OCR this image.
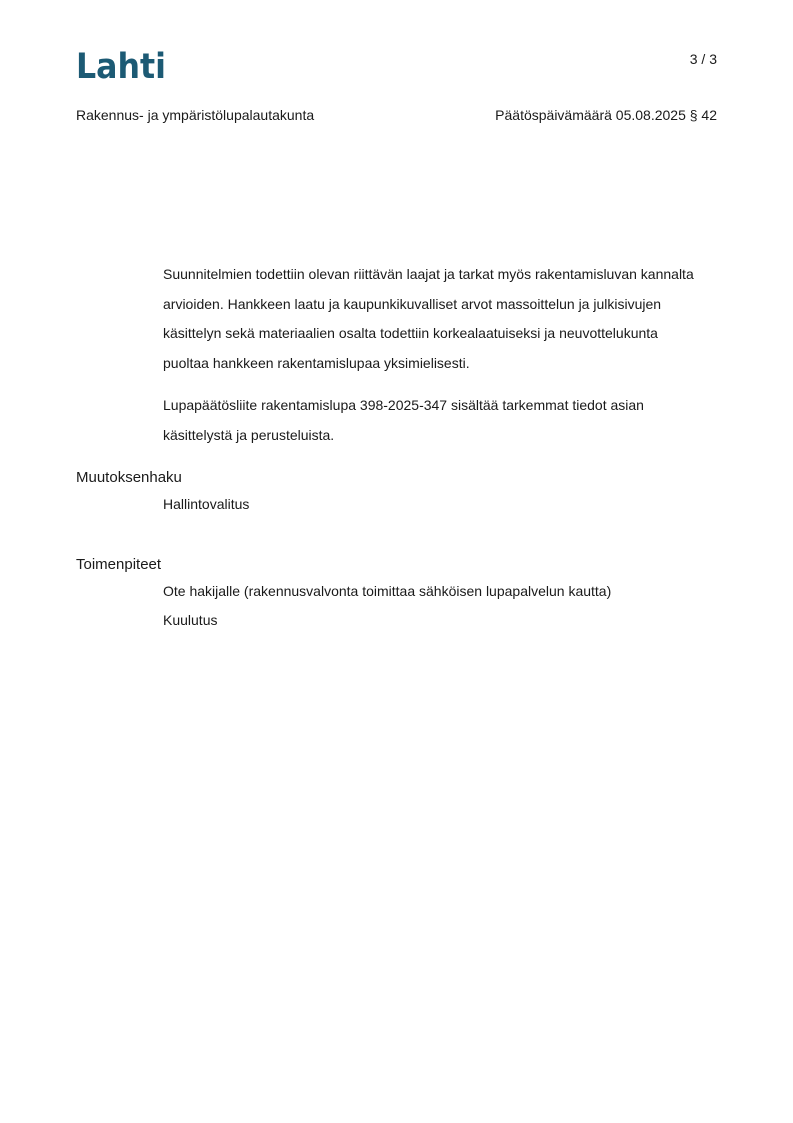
Lahti	3 / 3
Rakennus- ja ympäristölupalautakunta	Päätöspäivämäärä 05.08.2025 § 42
Suunnitelmien todettiin olevan riittävän laajat ja tarkat myös rakentamisluvan kannalta arvioiden. Hankkeen laatu ja kaupunkikuvalliset arvot massoittelun ja julkisivujen käsittelyn sekä materiaalien osalta todettiin korkealaatuiseksi ja neuvottelukunta puoltaa hankkeen rakentamislupaa yksimielisesti.
Lupapäätösliite rakentamislupa 398-2025-347 sisältää tarkemmat tiedot asian käsittelystä ja perusteluista.
Muutoksenhaku
Hallintovalitus
Toimenpiteet
Ote hakijalle (rakennusvalvonta toimittaa sähköisen lupapalvelun kautta)
Kuulutus
